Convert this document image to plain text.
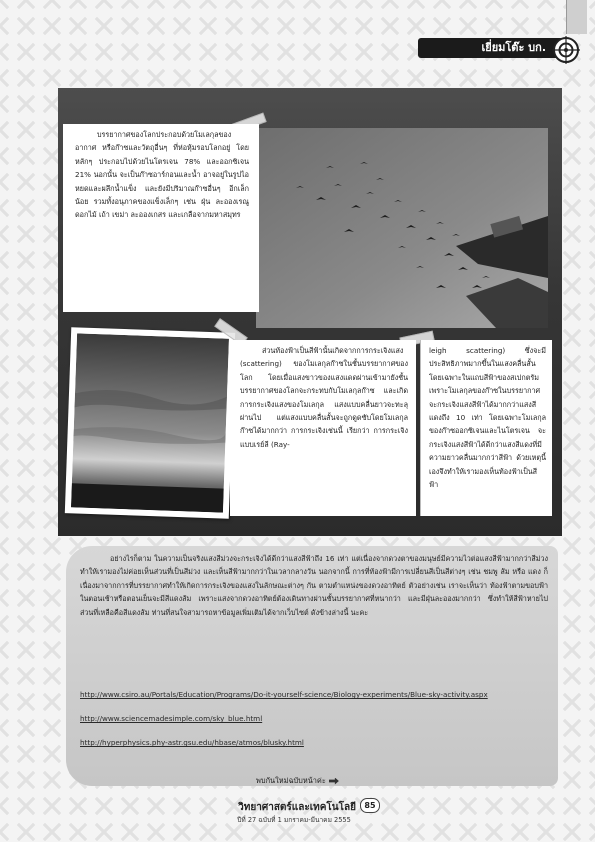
เยี่ยมโต๊ะ บก.
บรรยากาศของโลกประกอบด้วยโมเลกุลของอากาศ หรือก๊าซและวัตถุอื่นๆ ที่ห่อหุ้มรอบโลกอยู่ โดยหลักๆ ประกอบไปด้วยไนโตรเจน 78% และออกซิเจน 21% นอกนั้น จะเป็นก๊าซอาร์กอนและน้ำ อาจอยู่ในรูปไอ หยดและผลึกน้ำแข็ง และยังมีปริมาณก๊าซอื่นๆ อีกเล็กน้อย รวมทั้งอนุภาคของแข็งเล็กๆ เช่น ฝุ่น ละอองเรณูดอกไม้ เถ้า เขม่า ละอองเกสร และเกลือจากมหาสมุทร
ส่วนท้องฟ้าเป็นสีฟ้านั้นเกิดจากการกระเจิงแสง (scattering) ของโมเลกุลก๊าซในชั้นบรรยากาศของโลก โดยเมื่อแสงขาวของแสงแดดผ่านเข้ามายังชั้นบรรยากาศของโลกจะกระทบกับโมเลกุลก๊าซ และเกิดการกระเจิงแสงของโมเลกุล แสงแบบคลื่นยาวจะทะลุผ่านไป แต่แสงแบบคลื่นสั้นจะถูกดูดซับโดยโมเลกุลก๊าซได้มากกว่า การกระเจิงเช่นนี้ เรียกว่า การกระเจิงแบบเรย์ลี (Ray-
leigh scattering) ซึ่งจะมีประสิทธิภาพมากขึ้นในแสงคลื่นสั้น โดยเฉพาะในแถบสีฟ้าของสเปกตรัม เพราะโมเลกุลของก๊าซในบรรยากาศจะกระเจิงแสงสีฟ้าได้มากกว่าแสงสีแดงถึง 10 เท่า โดยเฉพาะโมเลกุลของก๊าซออกซิเจนและไนโตรเจน จะกระเจิงแสงสีฟ้าได้ดีกว่าแสงสีแดงที่มีความยาวคลื่นมากกว่าสีฟ้า ด้วยเหตุนี้เองจึงทำให้เรามองเห็นท้องฟ้าเป็นสีฟ้า
อย่างไรก็ตาม ในความเป็นจริงแสงสีม่วงจะกระเจิงได้ดีกว่าแสงสีฟ้าถึง 16 เท่า แต่เนื่องจากดวงตาของมนุษย์มีความไวต่อแสงสีฟ้ามากกว่าสีม่วง ทำให้เรามองไม่ค่อยเห็นส่วนที่เป็นสีม่วง และเห็นสีฟ้ามากกว่าในเวลากลางวัน นอกจากนี้ การที่ท้องฟ้ามีการเปลี่ยนสีเป็นสีต่างๆ เช่น ชมพู ส้ม หรือ แดง ก็เนื่องมาจากการที่บรรยากาศทำให้เกิดการกระเจิงของแสงในลักษณะต่างๆ กัน ตามตำแหน่งของดวงอาทิตย์ ตัวอย่างเช่น เราจะเห็นว่า ท้องฟ้าตามขอบฟ้าในตอนเช้าหรือตอนเย็นจะมีสีแดงส้ม เพราะแสงจากดวงอาทิตย์ต้องเดินทางผ่านชั้นบรรยากาศที่หนากว่า และมีฝุ่นละอองมากกว่า ซึ่งทำให้สีฟ้าหายไป ส่วนที่เหลือคือสีแดงส้ม ท่านที่สนใจสามารถหาข้อมูลเพิ่มเติมได้จากเว็บไซต์ ดังข้างล่างนี้ นะคะ
http://www.csiro.au/Portals/Education/Programs/Do-it-yourself-science/Biology-experiments/Blue-sky-activity.aspx
http://www.sciencemadesimple.com/sky_blue.html
http://hyperphysics.phy-astr.gsu.edu/hbase/atmos/blusky.html
พบกันใหม่ฉบับหน้าค่ะ
วิทยาศาสตร์และเทคโนโลยี	85
ปีที่ 27 ฉบับที่ 1 มกราคม-มีนาคม 2555
